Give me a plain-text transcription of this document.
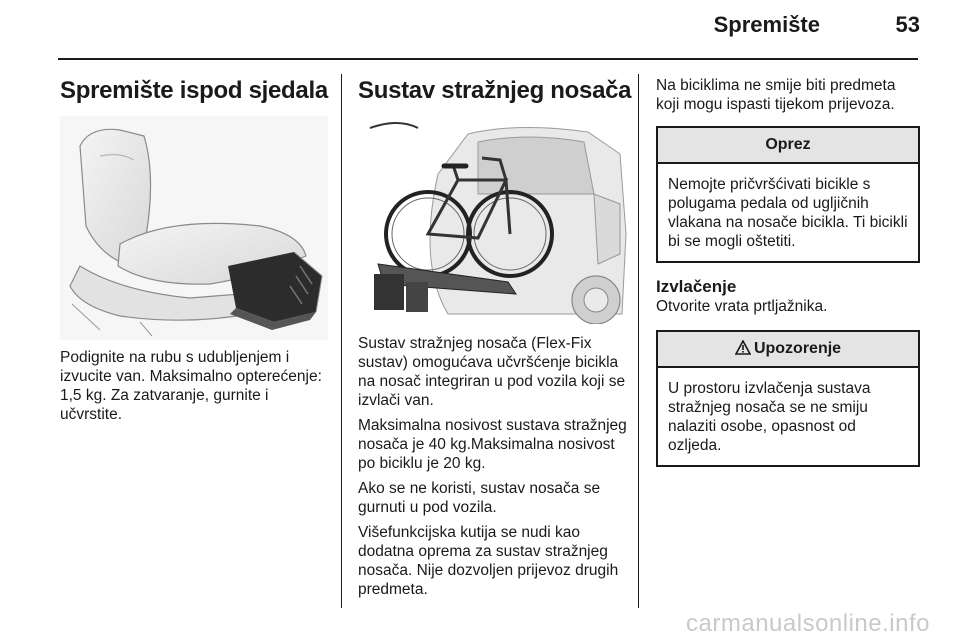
Spremište	53
Spremište ispod sjedala

Podignite na rubu s udubljenjem i izvucite van. Maksimalno opterećenje: 1,5 kg. Za zatvaranje, gurnite i učvrstite.

Sustav stražnjeg nosača

Sustav stražnjeg nosača (Flex-Fix sustav) omogućava učvršćenje bicikla na nosač integriran u pod vozila koji se izvlači van.

Maksimalna nosivost sustava stražnjeg nosača je 40 kg.Maksimalna nosivost po biciklu je 20 kg.

Ako se ne koristi, sustav nosača se gurnuti u pod vozila.

Višefunkcijska kutija se nudi kao dodatna oprema za sustav stražnjeg nosača. Nije dozvoljen prijevoz drugih predmeta.

Na biciklima ne smije biti predmeta koji mogu ispasti tijekom prijevoza.

Oprez
Nemojte pričvršćivati bicikle s polugama pedala od ugljičnih vlakana na nosače bicikla. Ti bicikli bi se mogli oštetiti.
Izvlačenje

Otvorite vrata prtljažnika.

Upozorenje
U prostoru izvlačenja sustava stražnjeg nosača se ne smiju nalaziti osobe, opasnost od ozljeda.
carmanualsonline.info
